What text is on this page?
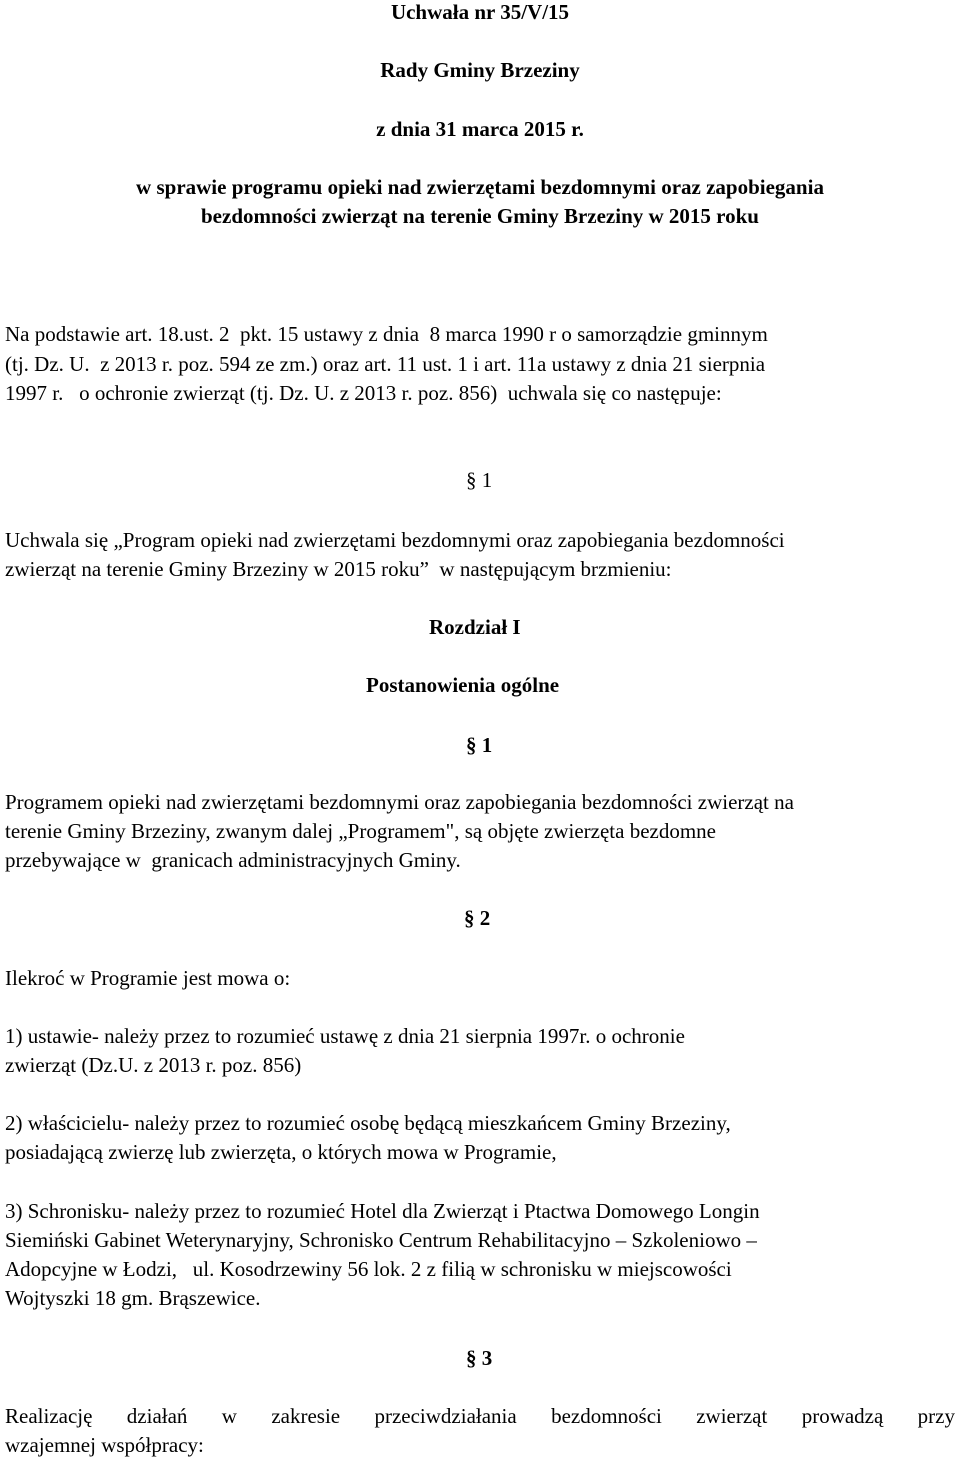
Uchwała nr 35/V/15
Rady Gminy Brzeziny
z dnia 31 marca 2015 r.
w sprawie programu opieki nad zwierzętami bezdomnymi oraz zapobiegania
bezdomności zwierząt na terenie Gminy Brzeziny w 2015 roku
Na podstawie art. 18.ust. 2  pkt. 15 ustawy z dnia  8 marca 1990 r o samorządzie gminnym
(tj. Dz. U.  z 2013 r. poz. 594 ze zm.) oraz art. 11 ust. 1 i art. 11a ustawy z dnia 21 sierpnia
1997 r.   o ochronie zwierząt (tj. Dz. U. z 2013 r. poz. 856)  uchwala się co następuje:
§ 1
Uchwala się „Program opieki nad zwierzętami bezdomnymi oraz zapobiegania bezdomności
zwierząt na terenie Gminy Brzeziny w 2015 roku”  w następującym brzmieniu:
Rozdział I
Postanowienia ogólne
§ 1
Programem opieki nad zwierzętami bezdomnymi oraz zapobiegania bezdomności zwierząt na
terenie Gminy Brzeziny, zwanym dalej „Programem", są objęte zwierzęta bezdomne
przebywające w  granicach administracyjnych Gminy.
§ 2
Ilekroć w Programie jest mowa o:
1) ustawie- należy przez to rozumieć ustawę z dnia 21 sierpnia 1997r. o ochronie
zwierząt (Dz.U. z 2013 r. poz. 856)
2) właścicielu- należy przez to rozumieć osobę będącą mieszkańcem Gminy Brzeziny,
posiadającą zwierzę lub zwierzęta, o których mowa w Programie,
3) Schronisku- należy przez to rozumieć Hotel dla Zwierząt i Ptactwa Domowego Longin
Siemiński Gabinet Weterynaryjny, Schronisko Centrum Rehabilitacyjno – Szkoleniowo –
Adopcyjne w Łodzi,   ul. Kosodrzewiny 56 lok. 2 z filią w schronisku w miejscowości
Wojtyszki 18 gm. Brąszewice.
§ 3
Realizację działań w zakresie przeciwdziałania bezdomności zwierząt prowadzą przy
wzajemnej współpracy:
